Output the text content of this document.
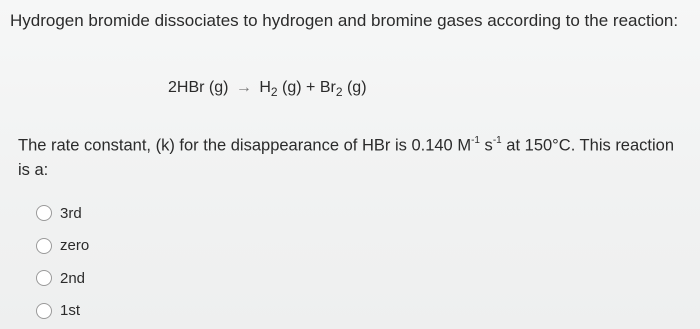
Hydrogen bromide dissociates to hydrogen and bromine gases according to the reaction:
2HBr $(g) \to H_2$ $(g) + Br_2$ (g)
The rate constant, (k) for the disappearance of HBr is 0.140 $M^{-1}$ $s^{-1}$ at 150°C. This reaction is a:
3rd
zero
2nd
1st
